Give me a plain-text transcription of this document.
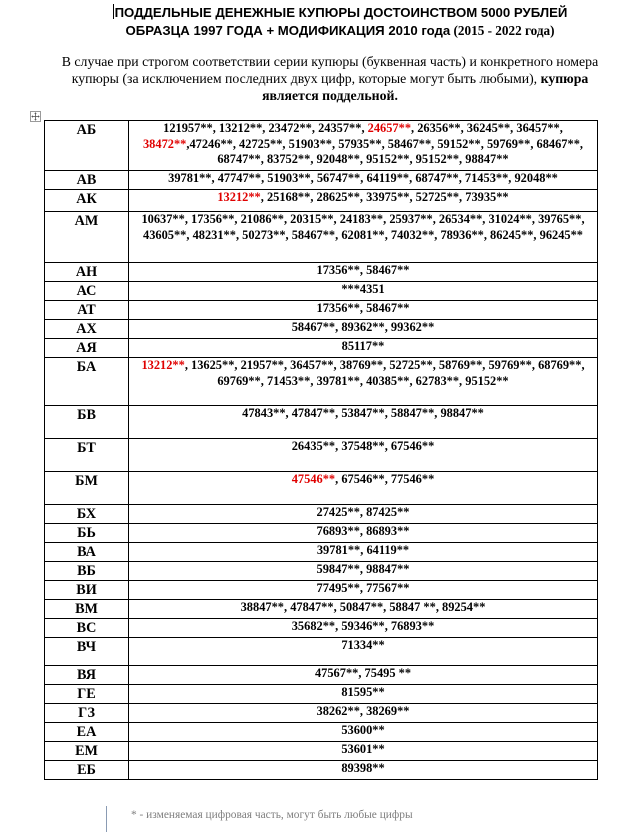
ПОДДЕЛЬНЫЕ ДЕНЕЖНЫЕ КУПЮРЫ ДОСТОИНСТВОМ 5000 РУБЛЕЙ
ОБРАЗЦА 1997 ГОДА + МОДИФИКАЦИЯ 2010 года (2015 - 2022 года)
В случае при строгом соответствии серии купюры (буквенная часть) и конкретного номера купюры (за исключением последних двух цифр, которые могут быть любыми), купюра является поддельной.
АБ	121957**, 13212**, 23472**, 24357**, 24657**, 26356**, 36245**, 36457**, 38472**,47246**, 42725**, 51903**, 57935**, 58467**, 59152**, 59769**, 68467**, 68747**, 83752**, 92048**, 95152**, 95152**, 98847**
АВ	39781**, 47747**, 51903**, 56747**, 64119**, 68747**, 71453**, 92048**
АК	13212**, 25168**, 28625**, 33975**, 52725**, 73935**
АМ	10637**, 17356**, 21086**, 20315**, 24183**, 25937**, 26534**, 31024**, 39765**, 43605**, 48231**, 50273**, 58467**, 62081**, 74032**, 78936**, 86245**, 96245**
АН	17356**, 58467**
АС	***4351
АТ	17356**, 58467**
АХ	58467**, 89362**, 99362**
АЯ	85117**
БА	13212**, 13625**, 21957**, 36457**, 38769**, 52725**, 58769**, 59769**, 68769**, 69769**, 71453**, 39781**, 40385**, 62783**, 95152**
БВ	47843**, 47847**, 53847**, 58847**, 98847**
БТ	26435**, 37548**, 67546**
БМ	47546**, 67546**, 77546**
БХ	27425**, 87425**
БЬ	76893**, 86893**
ВА	39781**, 64119**
ВБ	59847**, 98847**
ВИ	77495**, 77567**
ВМ	38847**, 47847**, 50847**, 58847 **, 89254**
ВС	35682**, 59346**, 76893**
ВЧ	71334**
ВЯ	47567**, 75495 **
ГЕ	81595**
ГЗ	38262**, 38269**
ЕА	53600**
ЕМ	53601**
ЕБ	89398**
* - изменяемая цифровая часть, могут быть любые цифры
